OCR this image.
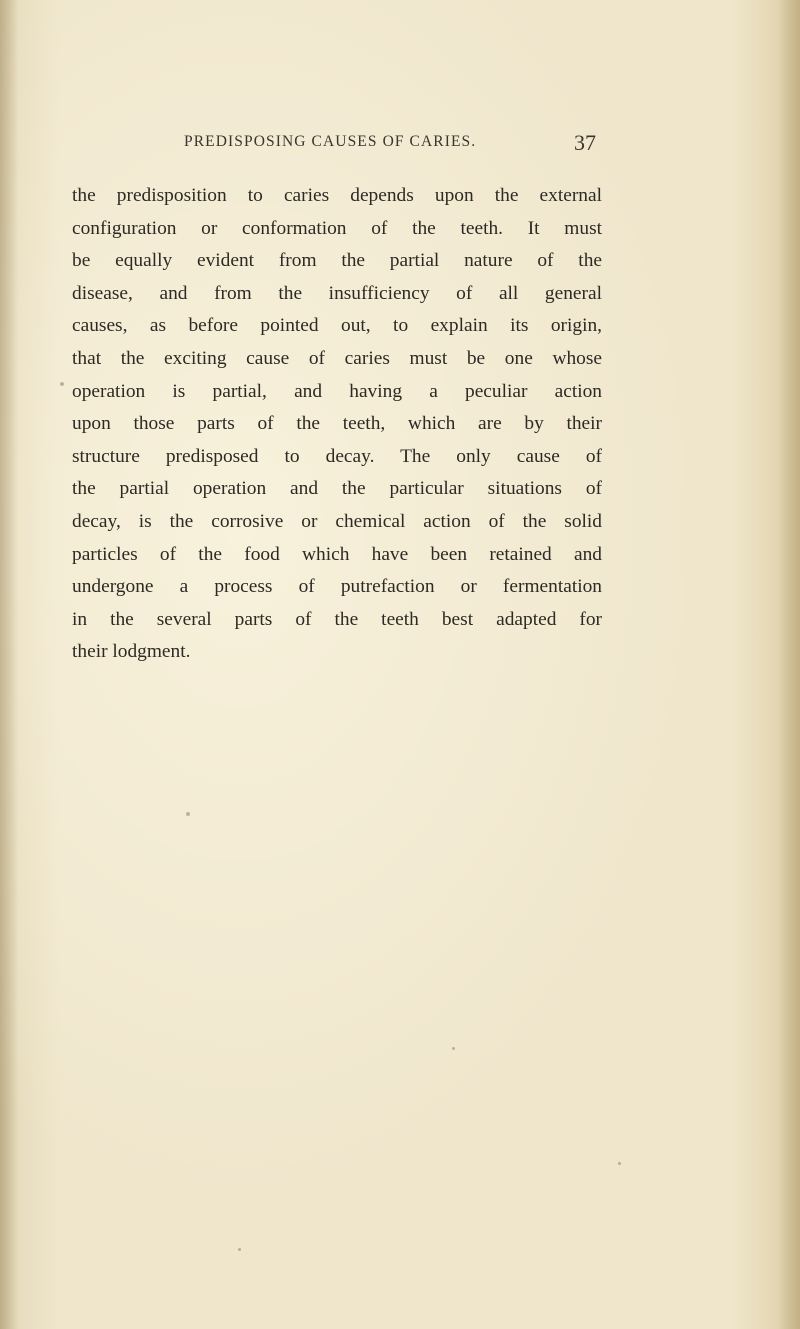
PREDISPOSING CAUSES OF CARIES.	37
the predisposition to caries depends upon the external
configuration or conformation of the teeth. It must
be equally evident from the partial nature of the
disease, and from the insufficiency of all general
causes, as before pointed out, to explain its origin,
that the exciting cause of caries must be one whose
operation is partial, and having a peculiar action
upon those parts of the teeth, which are by their
structure predisposed to decay. The only cause of
the partial operation and the particular situations of
decay, is the corrosive or chemical action of the solid
particles of the food which have been retained and
undergone a process of putrefaction or fermentation
in the several parts of the teeth best adapted for
their lodgment.
